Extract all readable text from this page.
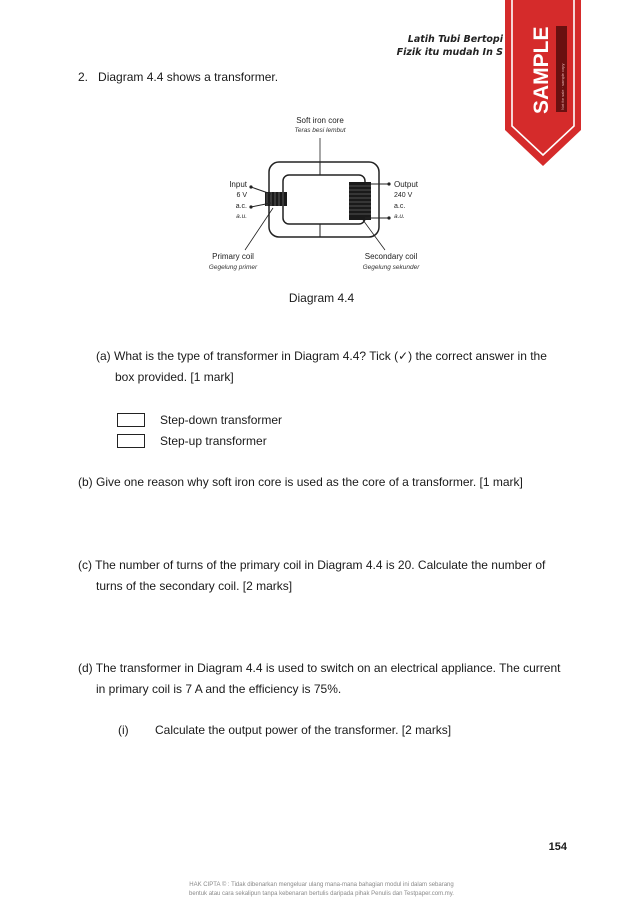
Latih Tubi Bertopi
Fizik itu mudah In S SAMPLE Not for sale · sample copy
2. Diagram 4.4 shows a transformer.
Soft iron core
Teras besi lembut
Input
6 V
a.c.
a.u.
Output
240 V
a.c.
a.u.
Primary coil
Gegelung primer
Secondary coil
Gegelung sekunder
Diagram 4.4
(a) What is the type of transformer in Diagram 4.4? Tick (✓) the correct answer in the
box provided. [1 mark]
Step-down transformer
Step-up transformer
(b) Give one reason why soft iron core is used as the core of a transformer. [1 mark]
(c) The number of turns of the primary coil in Diagram 4.4 is 20. Calculate the number of
turns of the secondary coil. [2 marks]
(d) The transformer in Diagram 4.4 is used to switch on an electrical appliance. The current
in primary coil is 7 A and the efficiency is 75%.
(i) Calculate the output power of the transformer. [2 marks]
154
HAK CIPTA © : Tidak dibenarkan mengeluar ulang mana-mana bahagian modul ini dalam sebarang
bentuk atau cara sekalipun tanpa kebenaran bertulis daripada pihak Penulis dan Testpaper.com.my.
